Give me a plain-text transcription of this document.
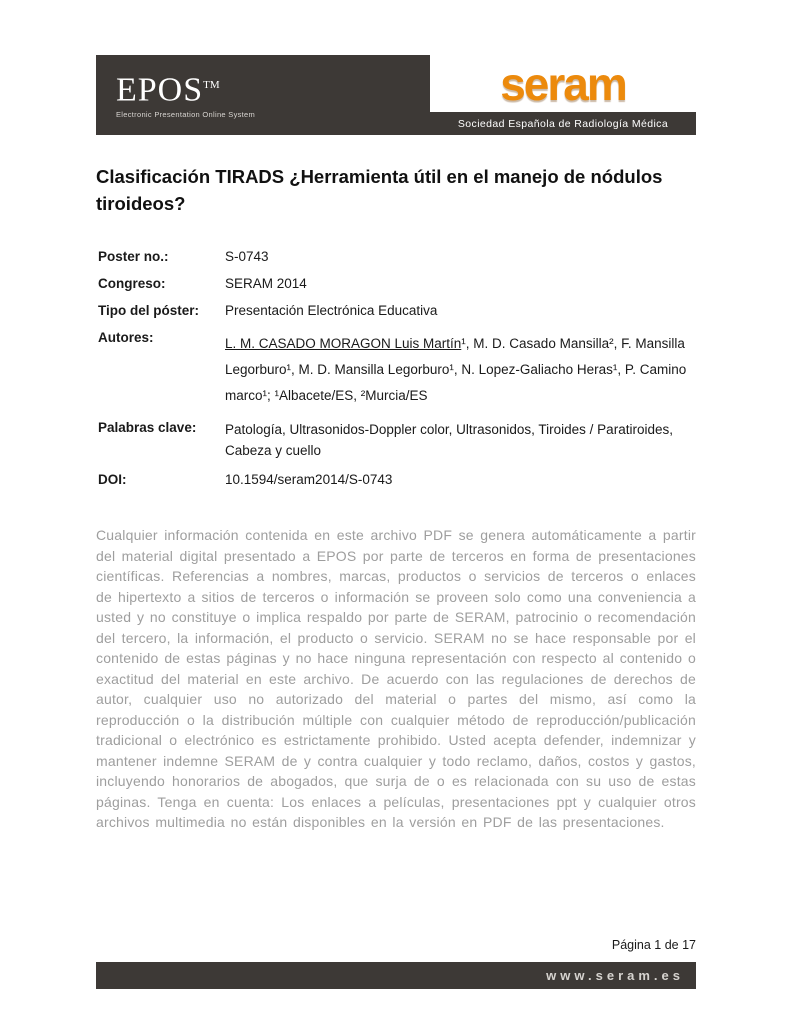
EPOS™
Electronic Presentation Online System
seram
Sociedad Española de Radiología Médica
Clasificación TIRADS ¿Herramienta útil en el manejo de nódulos tiroideos?
Poster no.:	S-0743
Congreso:	SERAM 2014
Tipo del póster:	Presentación Electrónica Educativa
Autores:	L. M. CASADO MORAGON Luis Martín¹, M. D. Casado Mansilla², F. Mansilla Legorburo¹, M. D. Mansilla Legorburo¹, N. Lopez-Galiacho Heras¹, P. Camino marco¹; ¹Albacete/ES, ²Murcia/ES
Palabras clave:	Patología, Ultrasonidos-Doppler color, Ultrasonidos, Tiroides / Paratiroides, Cabeza y cuello
DOI:	10.1594/seram2014/S-0743

Cualquier información contenida en este archivo PDF se genera automáticamente a partir del material digital presentado a EPOS por parte de terceros en forma de presentaciones científicas. Referencias a nombres, marcas, productos o servicios de terceros o enlaces de hipertexto a sitios de terceros o información se proveen solo como una conveniencia a usted y no constituye o implica respaldo por parte de SERAM, patrocinio o recomendación del tercero, la información, el producto o servicio. SERAM no se hace responsable por el contenido de estas páginas y no hace ninguna representación con respecto al contenido o exactitud del material en este archivo. De acuerdo con las regulaciones de derechos de autor, cualquier uso no autorizado del material o partes del mismo, así como la reproducción o la distribución múltiple con cualquier método de reproducción/publicación tradicional o electrónico es estrictamente prohibido. Usted acepta defender, indemnizar y mantener indemne SERAM de y contra cualquier y todo reclamo, daños, costos y gastos, incluyendo honorarios de abogados, que surja de o es relacionada con su uso de estas páginas. Tenga en cuenta: Los enlaces a películas, presentaciones ppt y cualquier otros archivos multimedia no están disponibles en la versión en PDF de las presentaciones.

Página 1 de 17
www.seram.es
